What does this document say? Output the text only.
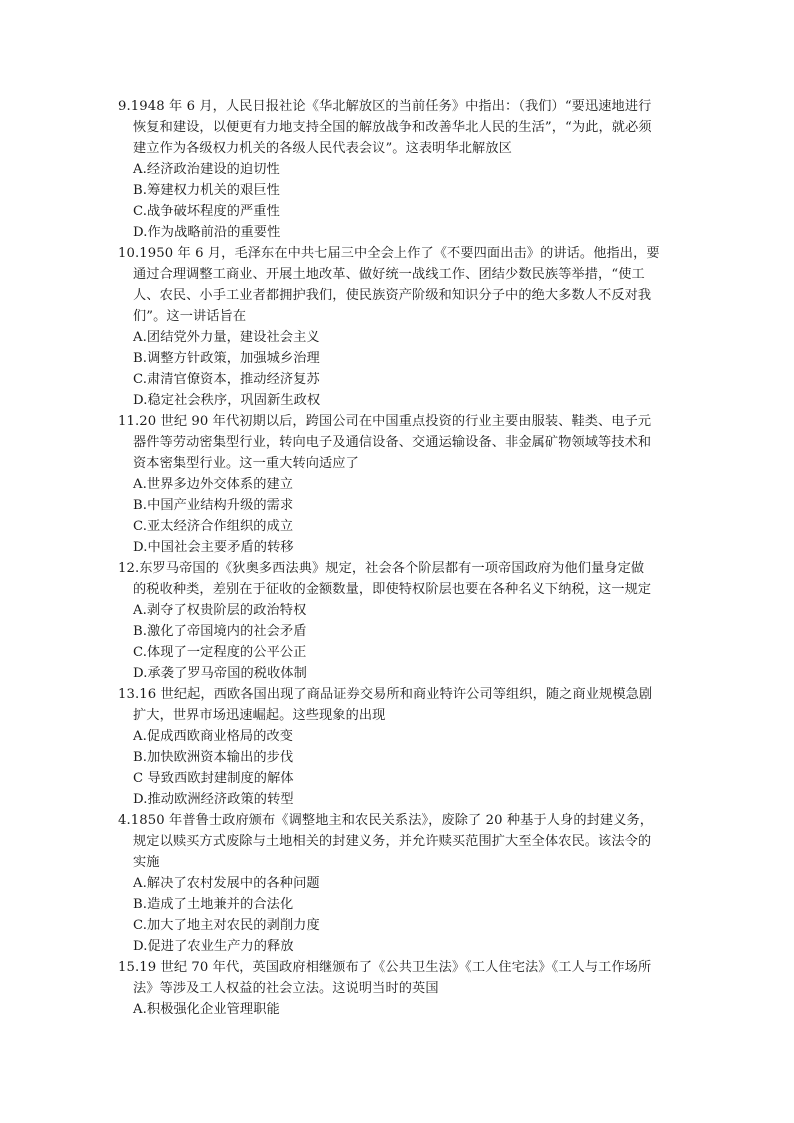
9.1948 年 6 月，人民日报社论《华北解放区的当前任务》中指出：（我们）“要迅速地进行
恢复和建设，以便更有力地支持全国的解放战争和改善华北人民的生活”，“为此，就必须
建立作为各级权力机关的各级人民代表会议”。这表明华北解放区
A.经济政治建设的迫切性
B.筹建权力机关的艰巨性
C.战争破坏程度的严重性
D.作为战略前沿的重要性
10.1950 年 6 月，毛泽东在中共七届三中全会上作了《不要四面出击》的讲话。他指出，要
通过合理调整工商业、开展土地改革、做好统一战线工作、团结少数民族等举措，“使工
人、农民、小手工业者都拥护我们，使民族资产阶级和知识分子中的绝大多数人不反对我
们”。这一讲话旨在
A.团结党外力量，建设社会主义
B.调整方针政策，加强城乡治理
C.肃清官僚资本，推动经济复苏
D.稳定社会秩序，巩固新生政权
11.20 世纪 90 年代初期以后，跨国公司在中国重点投资的行业主要由服装、鞋类、电子元
器件等劳动密集型行业，转向电子及通信设备、交通运输设备、非金属矿物领域等技术和
资本密集型行业。这一重大转向适应了
A.世界多边外交体系的建立
B.中国产业结构升级的需求
C.亚太经济合作组织的成立
D.中国社会主要矛盾的转移
12.东罗马帝国的《狄奥多西法典》规定，社会各个阶层都有一项帝国政府为他们量身定做
的税收种类，差别在于征收的金额数量，即使特权阶层也要在各种名义下纳税，这一规定
A.剥夺了权贵阶层的政治特权
B.激化了帝国境内的社会矛盾
C.体现了一定程度的公平公正
D.承袭了罗马帝国的税收体制
13.16 世纪起，西欧各国出现了商品证券交易所和商业特许公司等组织，随之商业规模急剧
扩大，世界市场迅速崛起。这些现象的出现
A.促成西欧商业格局的改变
B.加快欧洲资本输出的步伐
C 导致西欧封建制度的解体
D.推动欧洲经济政策的转型
4.1850 年普鲁士政府颁布《调整地主和农民关系法》，废除了 20 种基于人身的封建义务，
规定以赎买方式废除与土地相关的封建义务，并允许赎买范围扩大至全体农民。该法令的
实施
A.解决了农村发展中的各种问题
B.造成了土地兼并的合法化
C.加大了地主对农民的剥削力度
D.促进了农业生产力的释放
15.19 世纪 70 年代，英国政府相继颁布了《公共卫生法》《工人住宅法》《工人与工作场所
法》等涉及工人权益的社会立法。这说明当时的英国
A.积极强化企业管理职能
